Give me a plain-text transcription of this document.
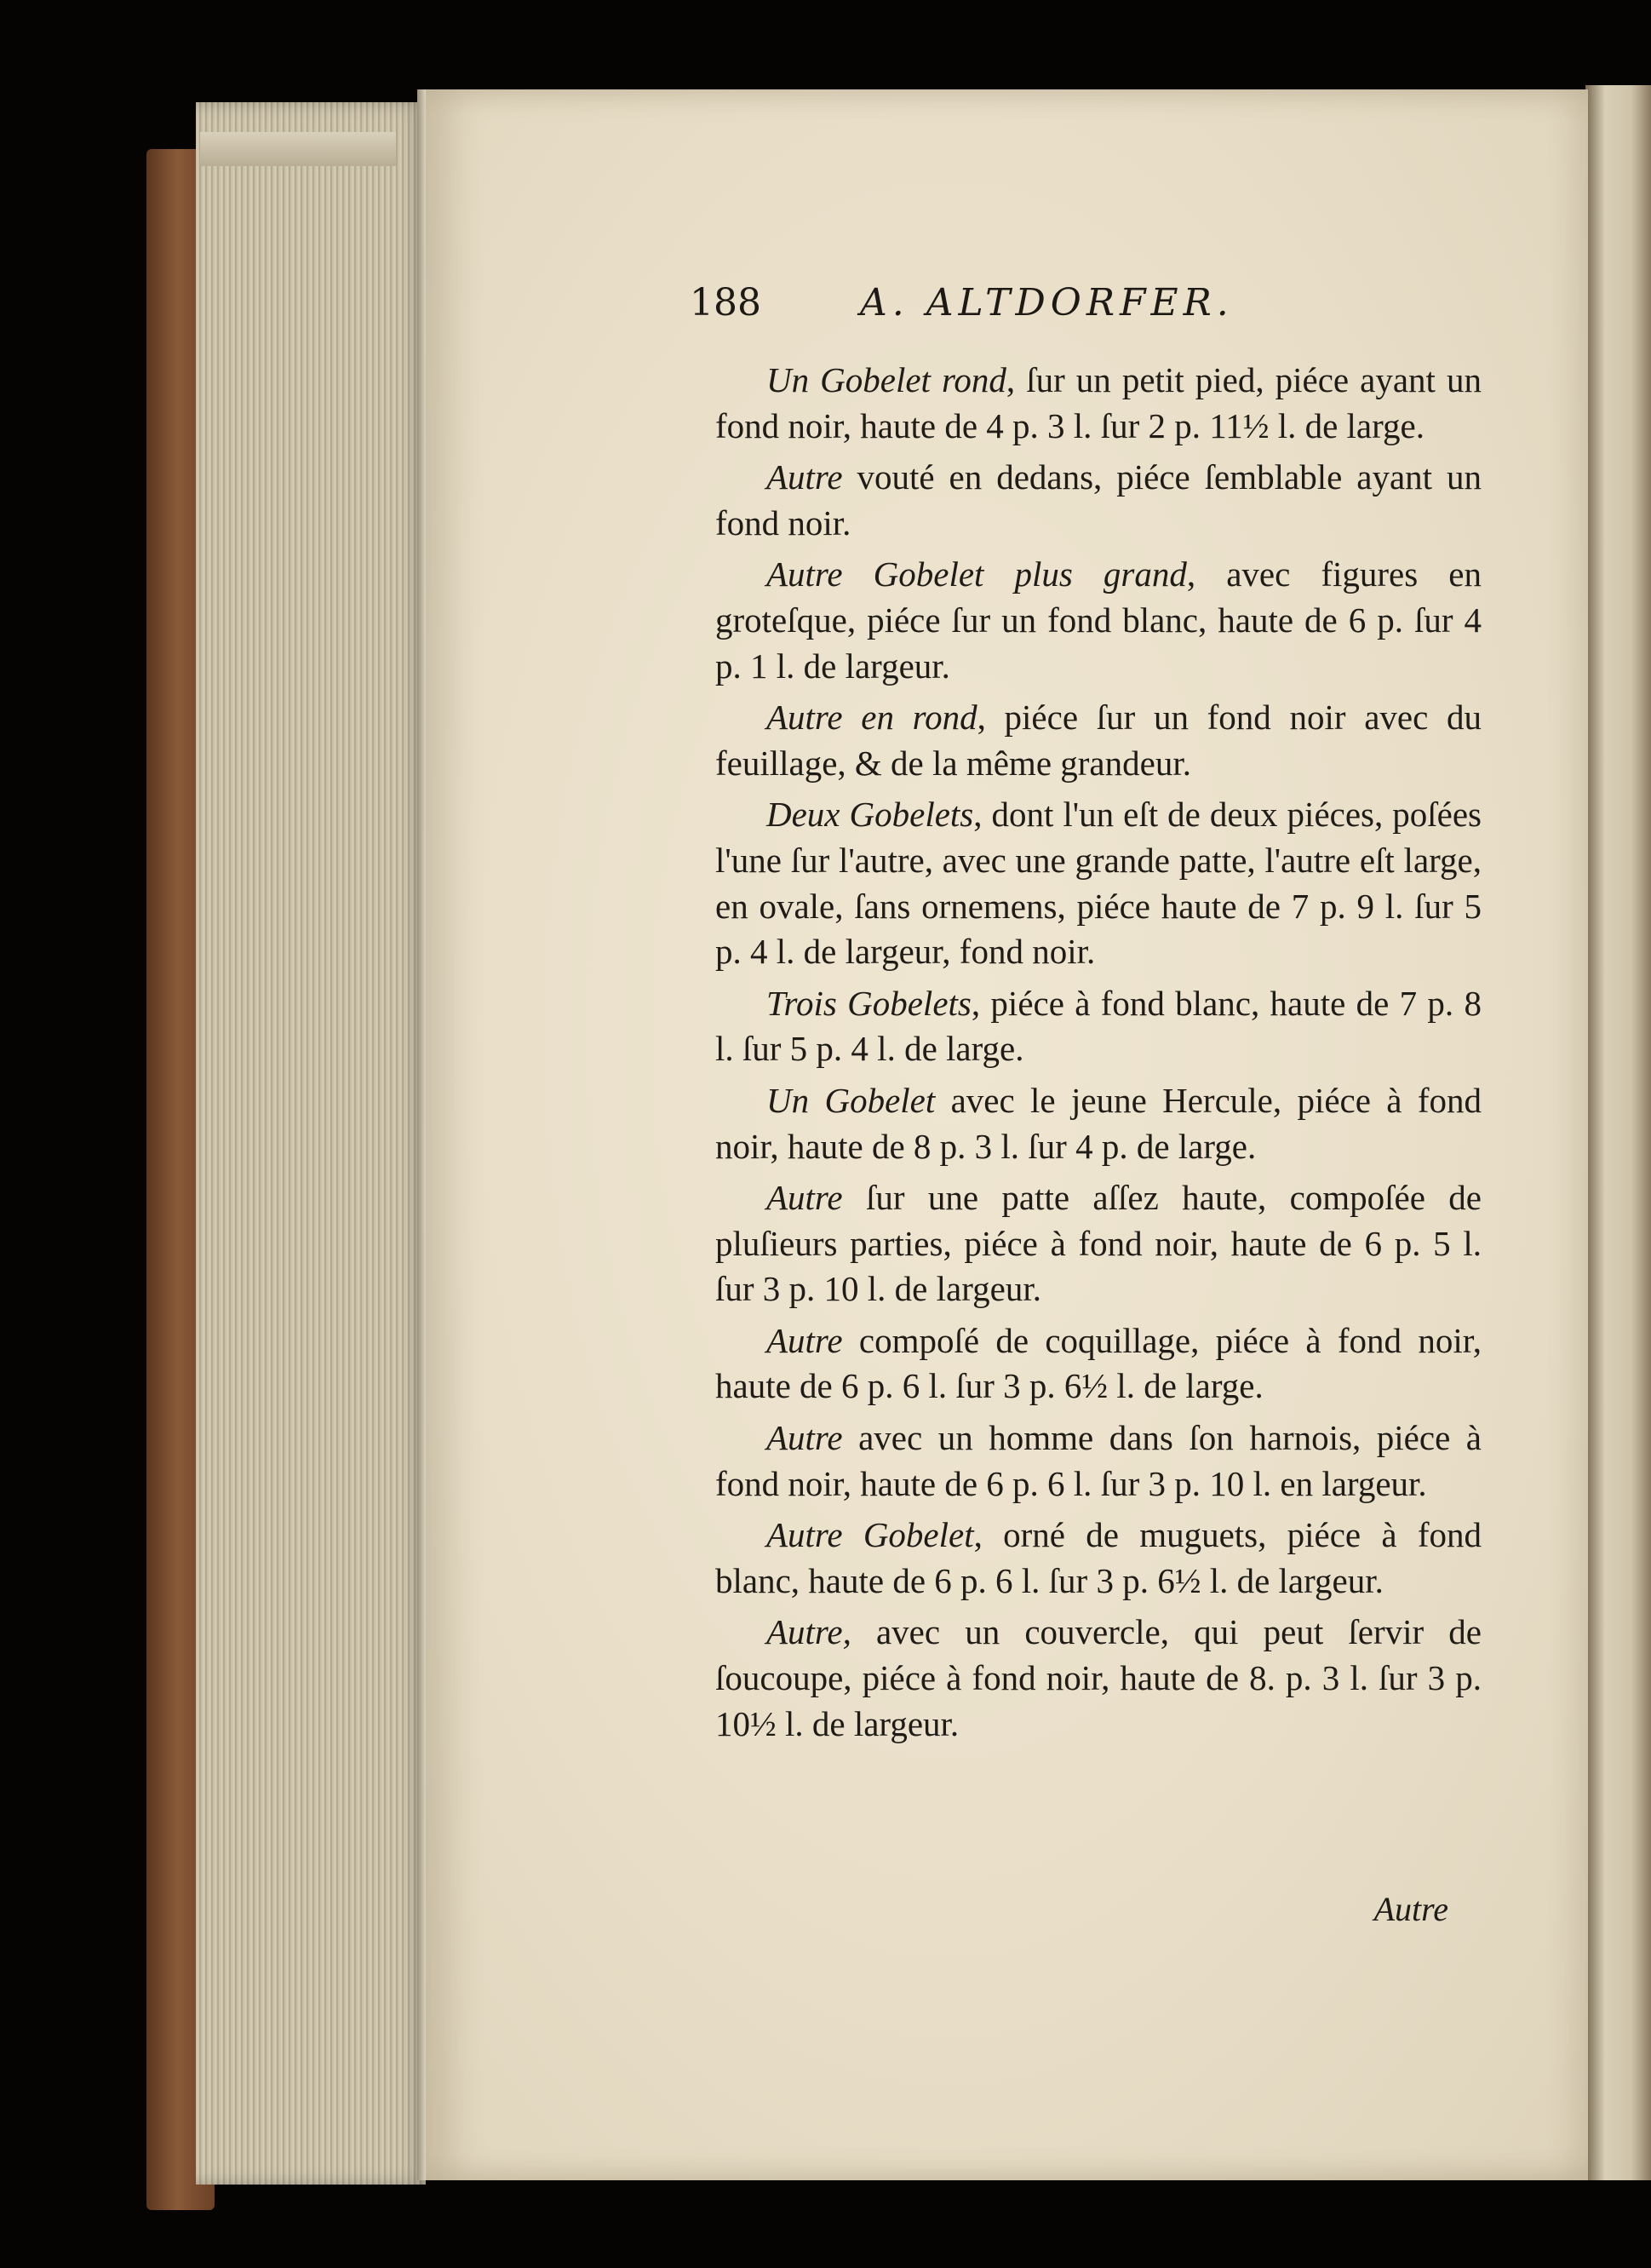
188	A. ALTDORFER.

Un Gobelet rond, ſur un petit pied, piéce ayant un fond noir, haute de 4 p. 3 l. ſur 2 p. 11½ l. de large.

Autre vouté en dedans, piéce ſemblable ayant un fond noir.

Autre Gobelet plus grand, avec figures en groteſque, piéce ſur un fond blanc, haute de 6 p. ſur 4 p. 1 l. de largeur.

Autre en rond, piéce ſur un fond noir avec du feuillage, & de la même grandeur.

Deux Gobelets, dont l'un eſt de deux piéces, poſées l'une ſur l'autre, avec une grande patte, l'autre eſt large, en ovale, ſans ornemens, piéce haute de 7 p. 9 l. ſur 5 p. 4 l. de largeur, fond noir.

Trois Gobelets, piéce à fond blanc, haute de 7 p. 8 l. ſur 5 p. 4 l. de large.

Un Gobelet avec le jeune Hercule, piéce à fond noir, haute de 8 p. 3 l. ſur 4 p. de large.

Autre ſur une patte aſſez haute, compoſée de pluſieurs parties, piéce à fond noir, haute de 6 p. 5 l. ſur 3 p. 10 l. de largeur.

Autre compoſé de coquillage, piéce à fond noir, haute de 6 p. 6 l. ſur 3 p. 6½ l. de large.

Autre avec un homme dans ſon harnois, piéce à fond noir, haute de 6 p. 6 l. ſur 3 p. 10 l. en largeur.

Autre Gobelet, orné de muguets, piéce à fond blanc, haute de 6 p. 6 l. ſur 3 p. 6½ l. de largeur.

Autre, avec un couvercle, qui peut ſervir de ſoucoupe, piéce à fond noir, haute de 8. p. 3 l. ſur 3 p. 10½ l. de largeur.

Autre
